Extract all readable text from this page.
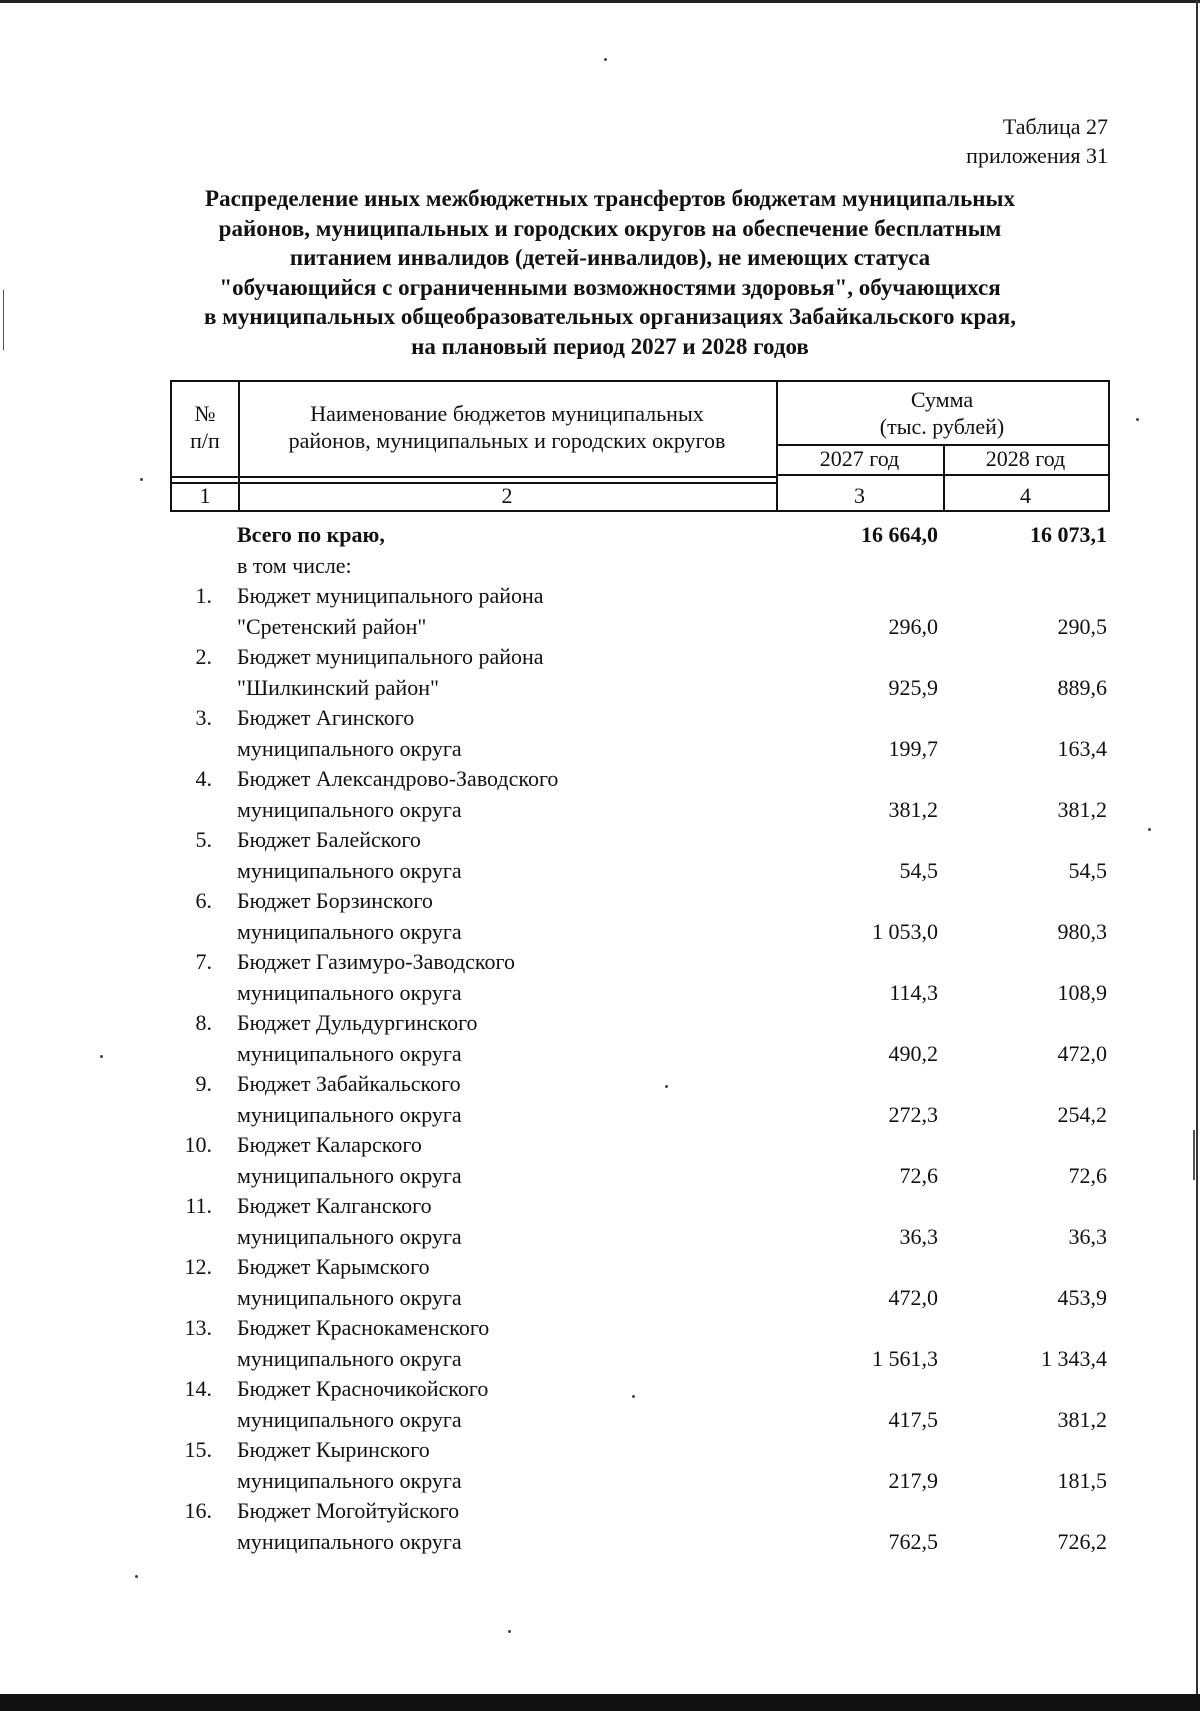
Таблица 27
приложения 31
Распределение иных межбюджетных трансфертов бюджетам муниципальных
районов, муниципальных и городских округов на обеспечение бесплатным
питанием инвалидов (детей-инвалидов), не имеющих статуса
"обучающийся с ограниченными возможностями здоровья", обучающихся
в муниципальных общеобразовательных организациях Забайкальского края,
на плановый период 2027 и 2028 годов
№
п/п
Наименование бюджетов муниципальных
районов, муниципальных и городских округов
Сумма
(тыс. рублей)
2027 год	2028 год
1	2	3	4
Всего по краю,	16 664,0	16 073,1
в том числе:
1. Бюджет муниципального района
"Сретенский район"	296,0	290,5
2. Бюджет муниципального района
"Шилкинский район"	925,9	889,6
3. Бюджет Агинского
муниципального округа	199,7	163,4
4. Бюджет Александрово-Заводского
муниципального округа	381,2	381,2
5. Бюджет Балейского
муниципального округа	54,5	54,5
6. Бюджет Борзинского
муниципального округа	1 053,0	980,3
7. Бюджет Газимуро-Заводского
муниципального округа	114,3	108,9
8. Бюджет Дульдургинского
муниципального округа	490,2	472,0
9. Бюджет Забайкальского
муниципального округа	272,3	254,2
10. Бюджет Каларского
муниципального округа	72,6	72,6
11. Бюджет Калганского
муниципального округа	36,3	36,3
12. Бюджет Карымского
муниципального округа	472,0	453,9
13. Бюджет Краснокаменского
муниципального округа	1 561,3	1 343,4
14. Бюджет Красночикойского
муниципального округа	417,5	381,2
15. Бюджет Кыринского
муниципального округа	217,9	181,5
16. Бюджет Могойтуйского
муниципального округа	762,5	726,2
